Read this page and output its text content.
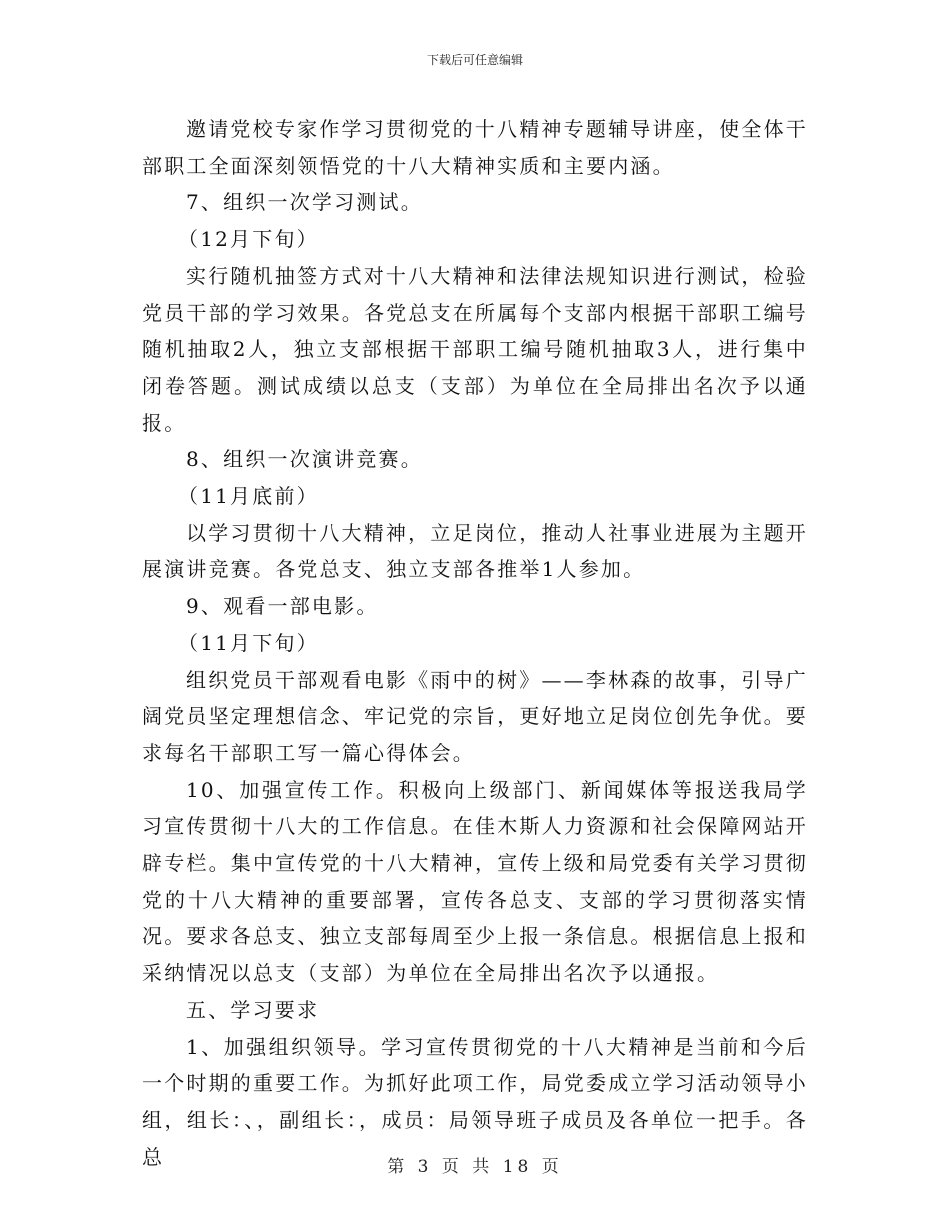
下载后可任意编辑

邀请党校专家作学习贯彻党的十八精神专题辅导讲座，使全体干部职工全面深刻领悟党的十八大精神实质和主要内涵。

7、组织一次学习测试。

（12月下旬）

实行随机抽签方式对十八大精神和法律法规知识进行测试，检验党员干部的学习效果。各党总支在所属每个支部内根据干部职工编号随机抽取2人，独立支部根据干部职工编号随机抽取3人，进行集中闭卷答题。测试成绩以总支（支部）为单位在全局排出名次予以通报。

8、组织一次演讲竞赛。

（11月底前）

以学习贯彻十八大精神，立足岗位，推动人社事业进展为主题开展演讲竞赛。各党总支、独立支部各推举1人参加。

9、观看一部电影。

（11月下旬）

组织党员干部观看电影《雨中的树》——李林森的故事，引导广阔党员坚定理想信念、牢记党的宗旨，更好地立足岗位创先争优。要求每名干部职工写一篇心得体会。

10、加强宣传工作。积极向上级部门、新闻媒体等报送我局学习宣传贯彻十八大的工作信息。在佳木斯人力资源和社会保障网站开辟专栏。集中宣传党的十八大精神，宣传上级和局党委有关学习贯彻党的十八大精神的重要部署，宣传各总支、支部的学习贯彻落实情况。要求各总支、独立支部每周至少上报一条信息。根据信息上报和采纳情况以总支（支部）为单位在全局排出名次予以通报。

五、学习要求

1、加强组织领导。学习宣传贯彻党的十八大精神是当前和今后一个时期的重要工作。为抓好此项工作，局党委成立学习活动领导小组，组长：、，副组长：，成员：局领导班子成员及各单位一把手。各总	第 3 页 共 18 页
